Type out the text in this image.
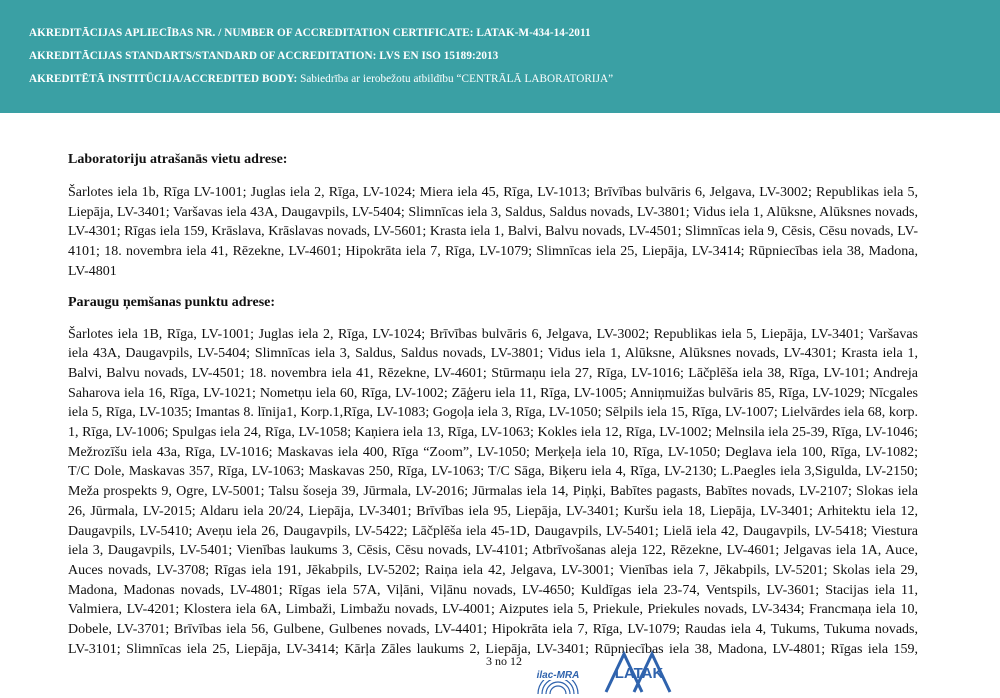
AKREDITĀCIJAS APLIECĪBAS NR. / NUMBER OF ACCREDITATION CERTIFICATE: LATAK-M-434-14-2011
AKREDITĀCIJAS STANDARTS/STANDARD OF ACCREDITATION: LVS EN ISO 15189:2013
AKREDITĒTĀ INSTITŪCIJA/ACCREDITED BODY: Sabiedrība ar ierobežotu atbildību “CENTRĀLĀ LABORATORIJA”
Laboratoriju atrašanās vietu adrese:
Šarlotes iela 1b, Rīga LV-1001; Juglas iela 2, Rīga, LV-1024; Miera iela 45, Rīga, LV-1013; Brīvības bulvāris 6, Jelgava, LV-3002; Republikas iela 5, Liepāja, LV-3401; Varšavas iela 43A, Daugavpils, LV-5404; Slimnīcas iela 3, Saldus, Saldus novads, LV-3801; Vidus iela 1, Alūksne, Alūksnes novads, LV-4301; Rīgas iela 159, Krāslava, Krāslavas novads, LV-5601; Krasta iela 1, Balvi, Balvu novads, LV-4501; Slimnīcas iela 9, Cēsis, Cēsu novads, LV-4101; 18. novembra iela 41, Rēzekne, LV-4601; Hipokrāta iela 7, Rīga, LV-1079; Slimnīcas iela 25, Liepāja, LV-3414; Rūpniecības iela 38, Madona, LV-4801
Paraugu ņemšanas punktu adrese:
Šarlotes iela 1B, Rīga, LV-1001; Juglas iela 2, Rīga, LV-1024; Brīvības bulvāris 6, Jelgava, LV-3002; Republikas iela 5, Liepāja, LV-3401; Varšavas iela 43A, Daugavpils, LV-5404; Slimnīcas iela 3, Saldus, Saldus novads, LV-3801; Vidus iela 1, Alūksne, Alūksnes novads, LV-4301; Krasta iela 1, Balvi, Balvu novads, LV-4501; 18. novembra iela 41, Rēzekne, LV-4601; Stūrmaņu iela 27, Rīga, LV-1016; Lāčplēša iela 38, Rīga, LV-101; Andreja Saharova iela 16, Rīga, LV-1021; Nometņu iela 60, Rīga, LV-1002; Zāģeru iela 11, Rīga, LV-1005; Anniņmuižas bulvāris 85, Rīga, LV-1029; Nīcgales iela 5, Rīga, LV-1035; Imantas 8. līnija1, Korp.1,Rīga, LV-1083; Gogoļa iela 3, Rīga, LV-1050; Sēlpils iela 15, Rīga, LV-1007; Lielvārdes iela 68, korp. 1, Rīga, LV-1006; Spulgas iela 24, Rīga, LV-1058; Kaņiera iela 13, Rīga, LV-1063; Kokles iela 12, Rīga, LV-1002; Melnsila iela 25-39, Rīga, LV-1046; Mežrozīšu iela 43a, Rīga, LV-1016; Maskavas iela 400, Rīga “Zoom”, LV-1050; Merķeļa iela 10, Rīga, LV-1050; Deglava iela 100, Rīga, LV-1082; T/C Dole, Maskavas 357, Rīga, LV-1063; Maskavas 250, Rīga, LV-1063; T/C Sāga, Biķeru iela 4, Rīga, LV-2130; L.Paegles iela 3,Sigulda, LV-2150; Meža prospekts 9, Ogre, LV-5001; Talsu šoseja 39, Jūrmala, LV-2016; Jūrmalas iela 14, Piņķi, Babītes pagasts, Babītes novads, LV-2107; Slokas iela 26, Jūrmala, LV-2015; Aldaru iela 20/24, Liepāja, LV-3401; Brīvības iela 95, Liepāja, LV-3401; Kuršu iela 18, Liepāja, LV-3401; Arhitektu iela 12, Daugavpils, LV-5410; Aveņu iela 26, Daugavpils, LV-5422; Lāčplēša iela 45-1D, Daugavpils, LV-5401; Lielā iela 42, Daugavpils, LV-5418; Viestura iela 3, Daugavpils, LV-5401; Vienības laukums 3, Cēsis, Cēsu novads, LV-4101; Atbrīvošanas aleja 122, Rēzekne, LV-4601; Jelgavas iela 1A, Auce, Auces novads, LV-3708; Rīgas iela 191, Jēkabpils, LV-5202; Raiņa iela 42, Jelgava, LV-3001; Vienības iela 7, Jēkabpils, LV-5201; Skolas iela 29, Madona, Madonas novads, LV-4801; Rīgas iela 57A, Viļāni, Viļānu novads, LV-4650; Kuldīgas iela 23-74, Ventspils, LV-3601; Stacijas iela 11, Valmiera, LV-4201; Klostera iela 6A, Limbaži, Limbažu novads, LV-4001; Aizputes iela 5, Priekule, Priekules novads, LV-3434; Francmaņa iela 10, Dobele, LV-3701; Brīvības iela 56, Gulbene, Gulbenes novads, LV-4401; Hipokrāta iela 7, Rīga, LV-1079; Raudas iela 4, Tukums, Tukuma novads, LV-3101; Slimnīcas iela 25, Liepāja, LV-3414; Kārļa Zāles laukums 2, Liepāja, LV-3401; Rūpniecības iela 38, Madona, LV-4801; Rīgas iela 159,
3 no 12
ilac-MRA LATAK
